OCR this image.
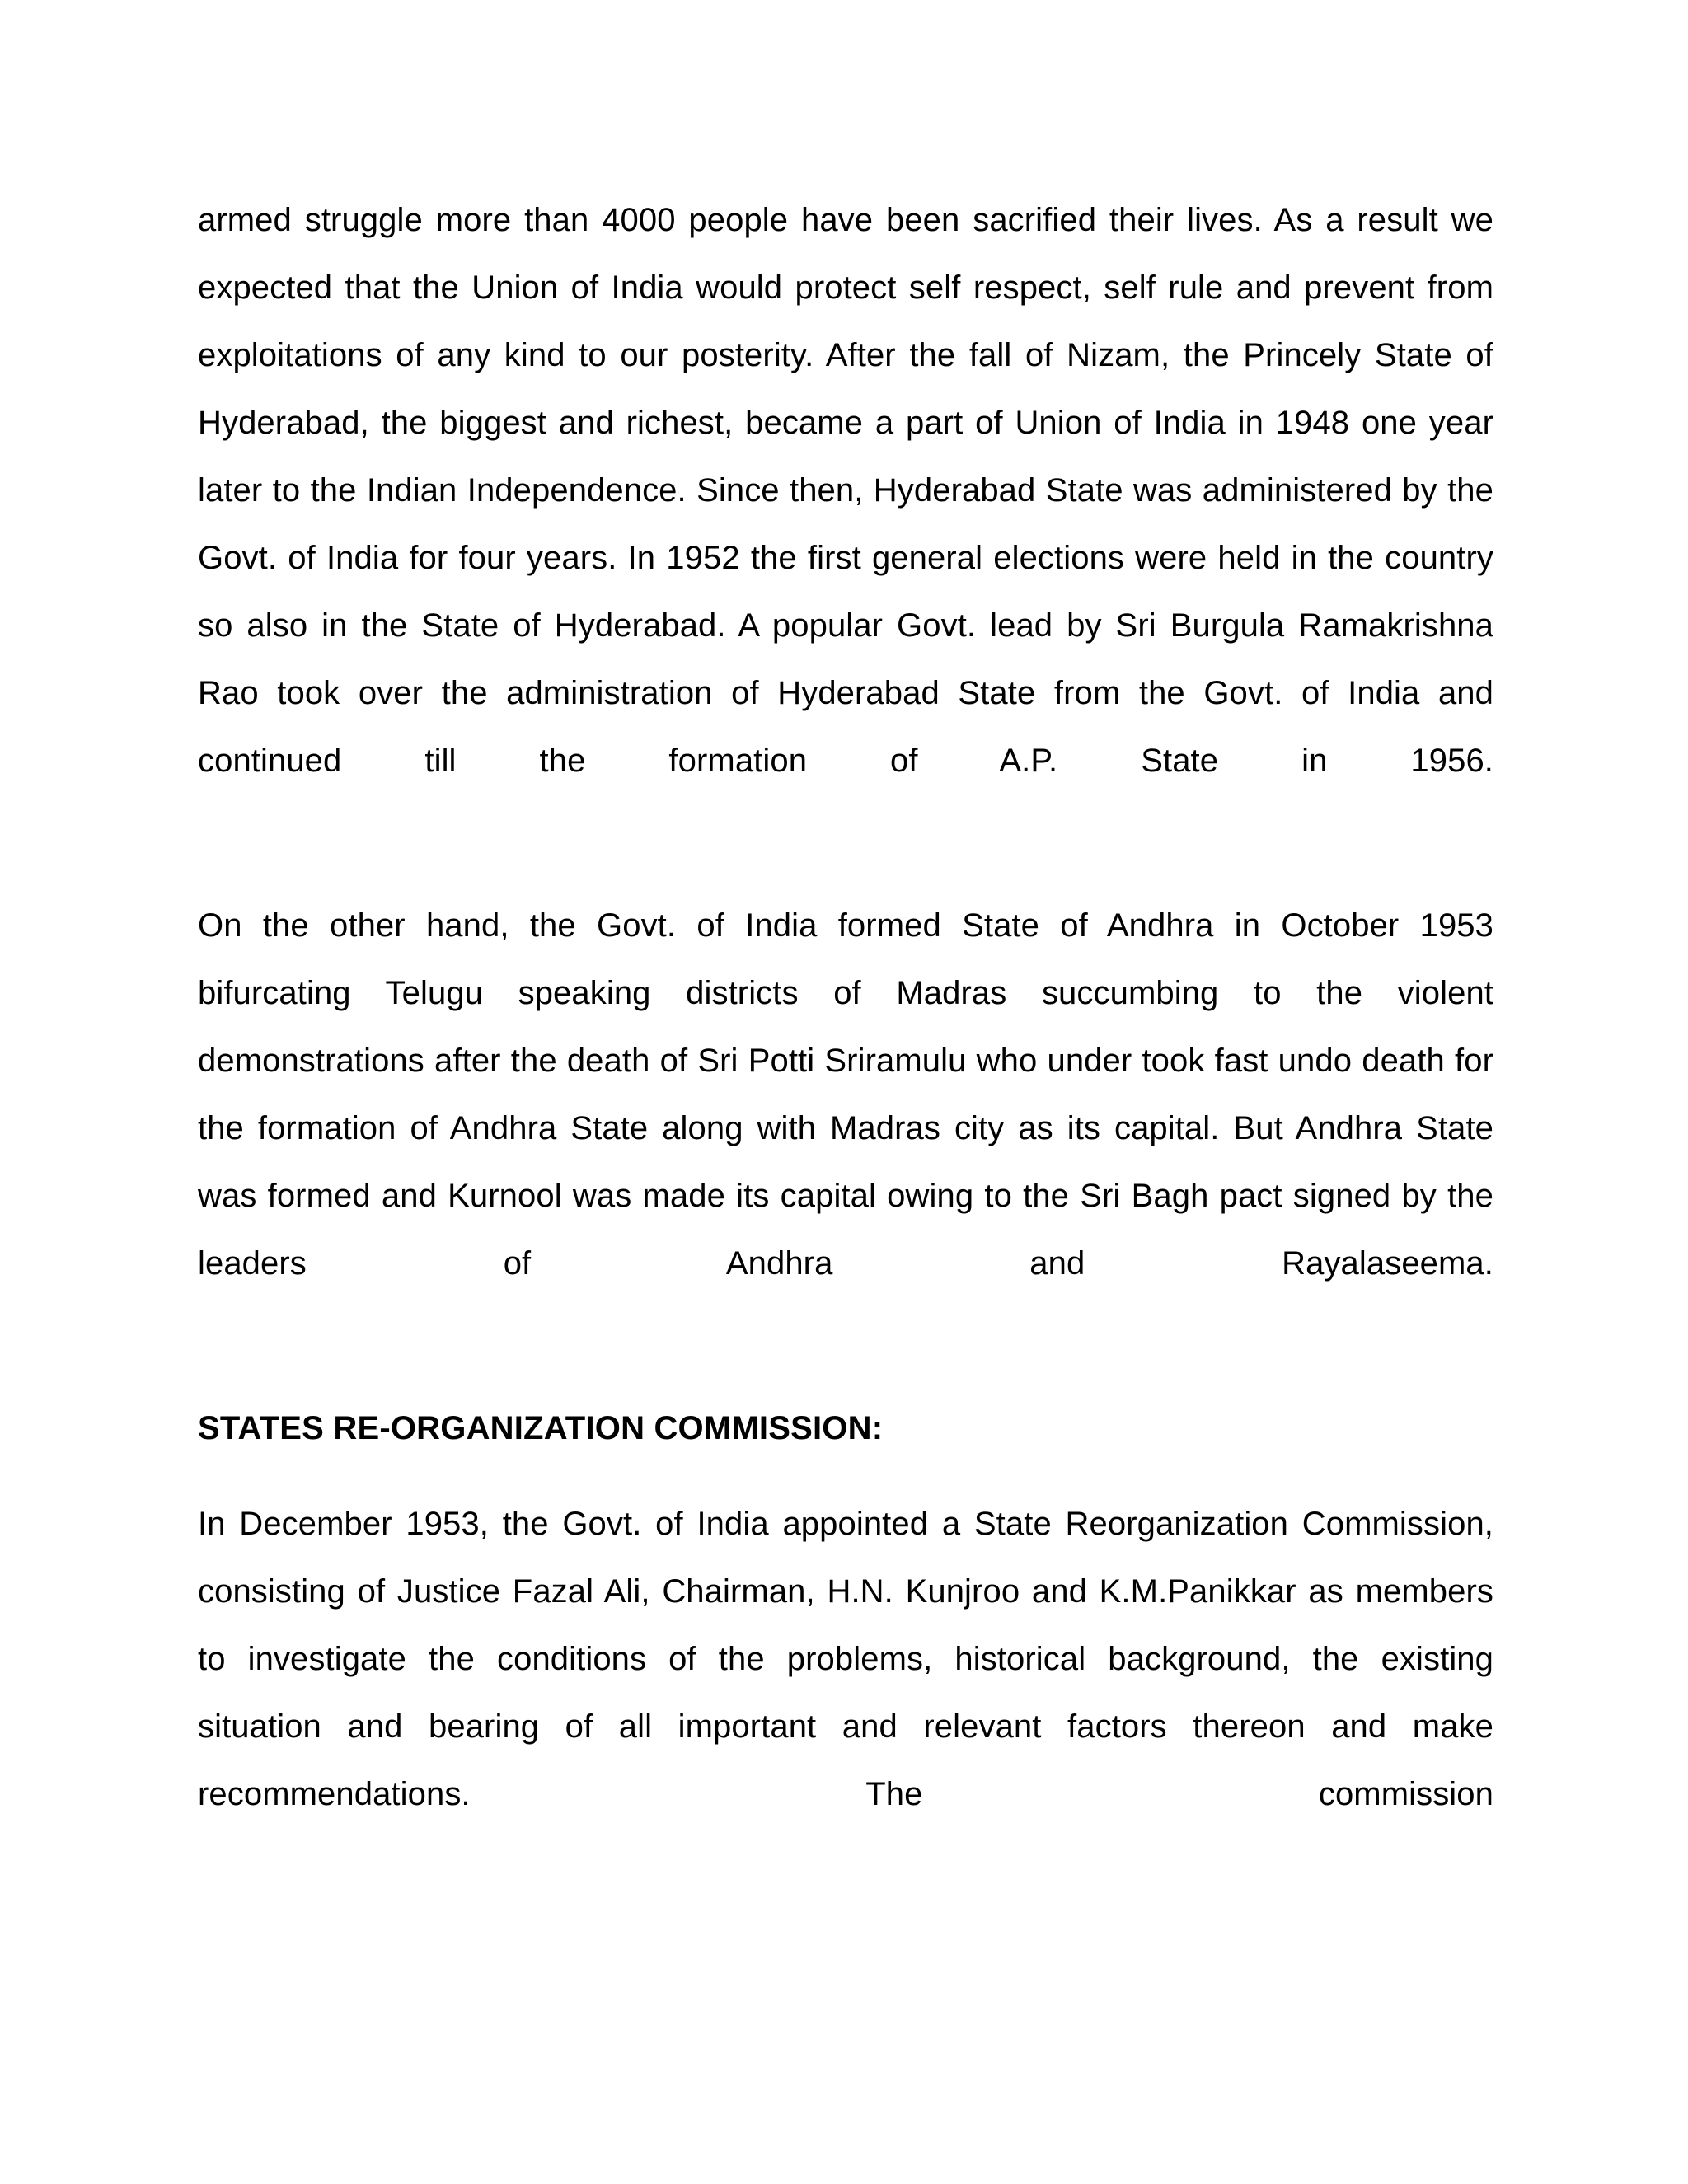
armed struggle more than 4000 people have been sacrified their lives. As a result we expected that the Union of India would protect self respect, self rule and prevent from exploitations of any kind to our posterity. After the fall of Nizam, the Princely State of Hyderabad, the biggest and richest, became a part of Union of India in 1948 one year later to the Indian Independence. Since then, Hyderabad State was administered by the Govt. of India for four years. In 1952 the first general elections were held in the country so also in the State of Hyderabad. A popular Govt. lead by Sri Burgula Ramakrishna Rao took over the administration of Hyderabad State from the Govt. of India and continued till the formation of A.P. State in 1956.

On the other hand, the Govt. of India formed State of Andhra in October 1953 bifurcating Telugu speaking districts of Madras succumbing to the violent demonstrations after the death of Sri Potti Sriramulu who under took fast undo death for the formation of Andhra State along with Madras city as its capital. But Andhra State was formed and Kurnool was made its capital owing to the Sri Bagh pact signed by the leaders of Andhra and Rayalaseema.

STATES RE-ORGANIZATION COMMISSION:

In December 1953, the Govt. of India appointed a State Reorganization Commission, consisting of Justice Fazal Ali, Chairman, H.N. Kunjroo and K.M.Panikkar as members to investigate the conditions of the problems, historical background, the existing situation and bearing of all important and relevant factors thereon and make recommendations. The commission
